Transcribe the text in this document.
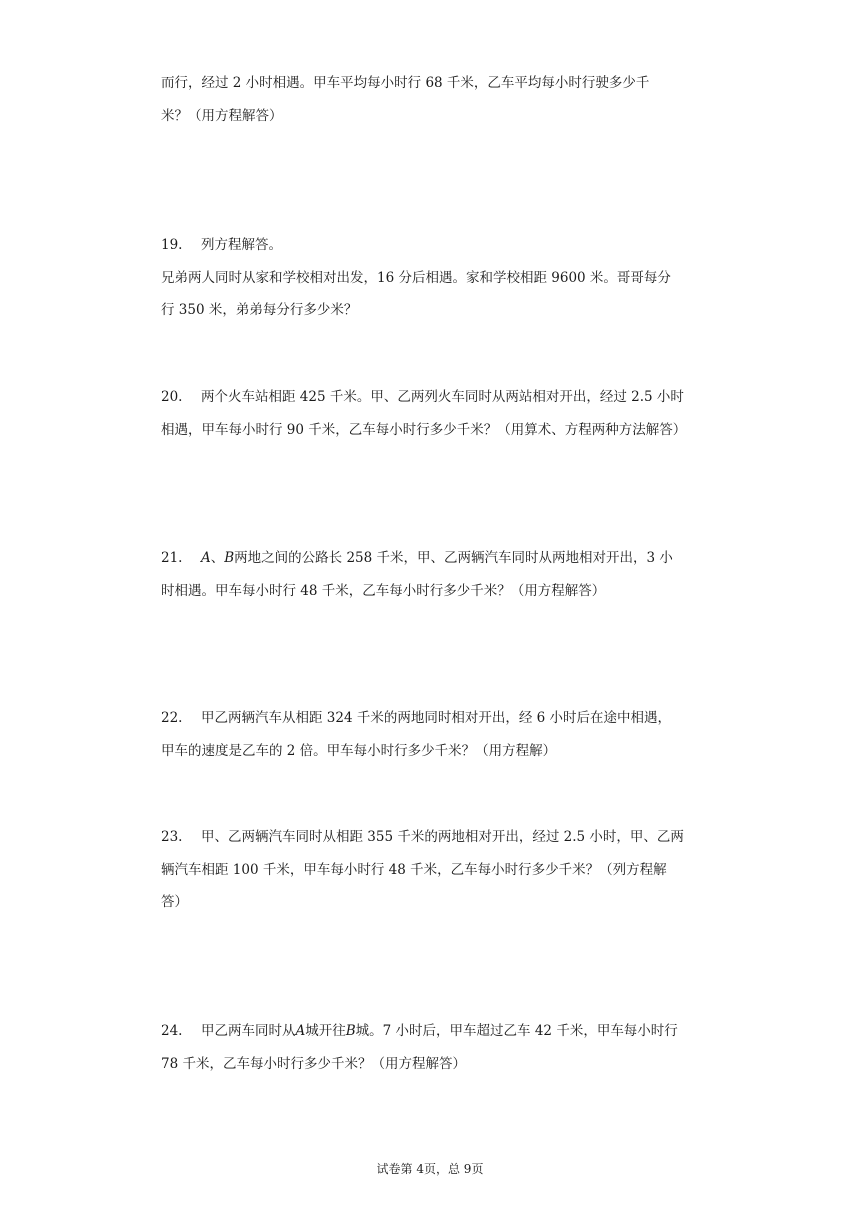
而行，经过 2 小时相遇。甲车平均每小时行 68 千米，乙车平均每小时行驶多少千
米？（用方程解答）
19. 列方程解答。
兄弟两人同时从家和学校相对出发，16 分后相遇。家和学校相距 9600 米。哥哥每分
行 350 米，弟弟每分行多少米？
20. 两个火车站相距 425 千米。甲、乙两列火车同时从两站相对开出，经过 2.5 小时
相遇，甲车每小时行 90 千米，乙车每小时行多少千米？（用算术、方程两种方法解答）
21. A、B两地之间的公路长 258 千米，甲、乙两辆汽车同时从两地相对开出，3 小
时相遇。甲车每小时行 48 千米，乙车每小时行多少千米？（用方程解答）
22. 甲乙两辆汽车从相距 324 千米的两地同时相对开出，经 6 小时后在途中相遇，
甲车的速度是乙车的 2 倍。甲车每小时行多少千米？（用方程解）
23. 甲、乙两辆汽车同时从相距 355 千米的两地相对开出，经过 2.5 小时，甲、乙两
辆汽车相距 100 千米，甲车每小时行 48 千米，乙车每小时行多少千米？（列方程解
答）
24. 甲乙两车同时从A城开往B城。7 小时后，甲车超过乙车 42 千米，甲车每小时行
78 千米，乙车每小时行多少千米？（用方程解答）
试卷第 4页，总 9页
